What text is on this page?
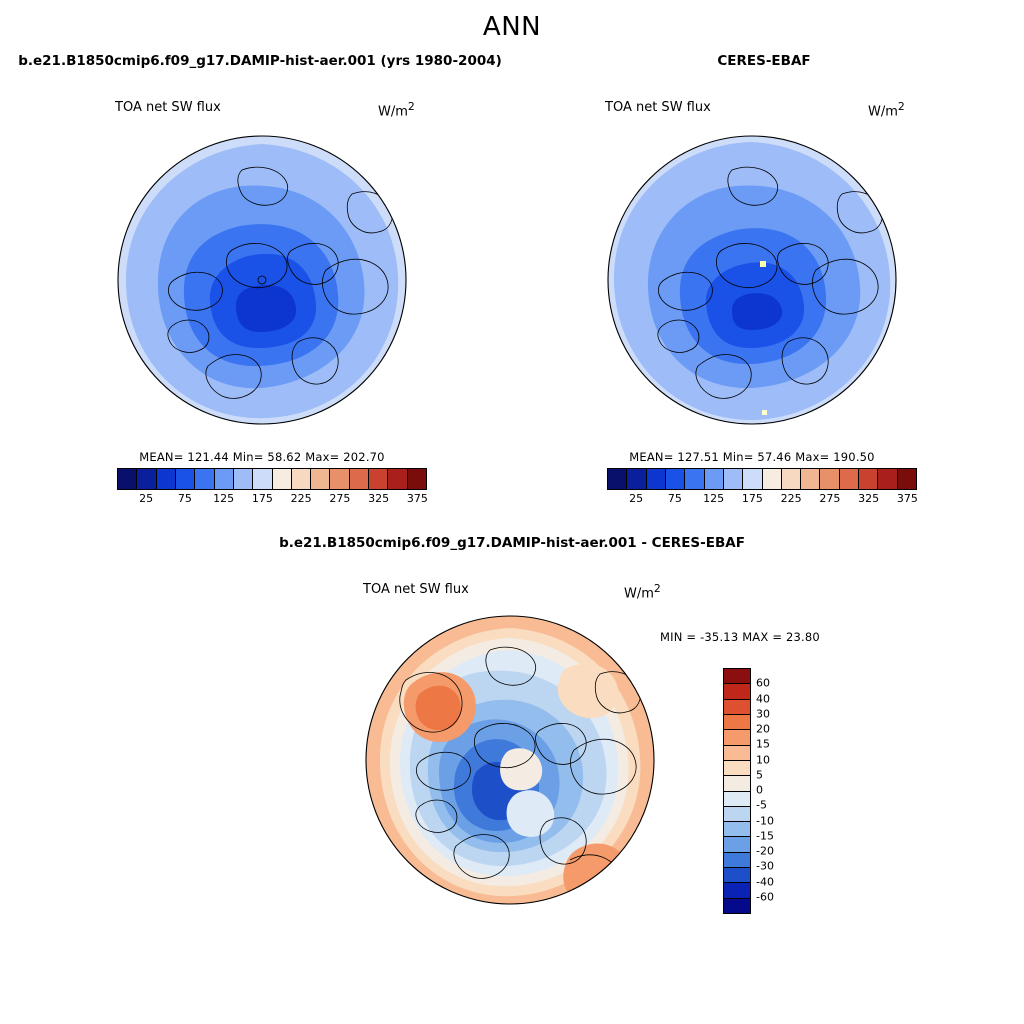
ANN
b.e21.B1850cmip6.f09_g17.DAMIP-hist-aer.001 (yrs 1980-2004)
TOA net SW flux	$W/m^2$
MEAN= 121.44 Min= 58.62 Max= 202.70
25 75 125 175 225 275 325 375
CERES-EBAF
TOA net SW flux	$W/m^2$
MEAN= 127.51 Min= 57.46 Max= 190.50
25 75 125 175 225 275 325 375
b.e21.B1850cmip6.f09_g17.DAMIP-hist-aer.001 - CERES-EBAF
TOA net SW flux	$W/m^2$
MIN = -35.13 MAX = 23.80
60
40
30
20
15
10
5
0
-5
-10
-15
-20
-30
-40
-60
